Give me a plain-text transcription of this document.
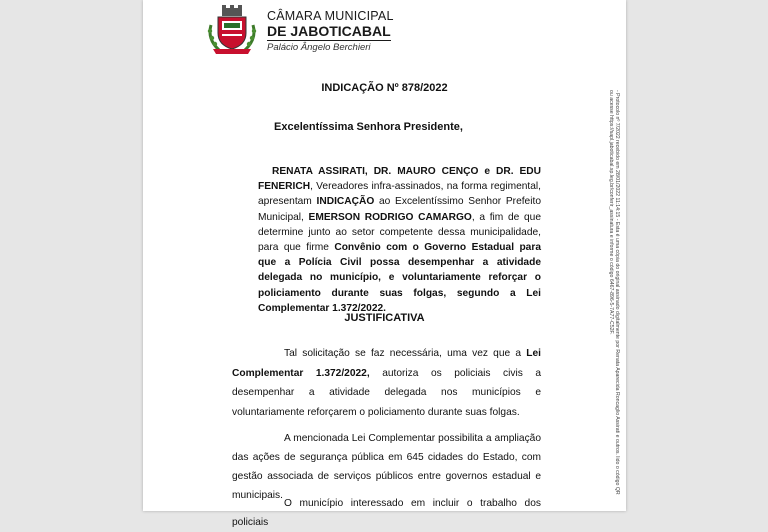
CÂMARA MUNICIPAL
DE JABOTICABAL
Palácio Ângelo Berchieri
INDICAÇÃO Nº 878/2022
Excelentíssima Senhora Presidente,
RENATA ASSIRATI, DR. MAURO CENÇO e DR. EDU FENERICH, Vereadores infra-assinados, na forma regimental, apresentam INDICAÇÃO ao Excelentíssimo Senhor Prefeito Municipal, EMERSON RODRIGO CAMARGO, a fim de que determine junto ao setor competente dessa municipalidade, para que firme Convênio com o Governo Estadual para que a Polícia Civil possa desempenhar a atividade delegada no município, e voluntariamente reforçar o policiamento durante suas folgas, segundo a Lei Complementar 1.372/2022.
JUSTIFICATIVA
Tal solicitação se faz necessária, uma vez que a Lei Complementar 1.372/2022, autoriza os policiais civis a desempenhar a atividade delegada nos municípios e voluntariamente reforçarem o policiamento durante suas folgas.
A mencionada Lei Complementar possibilita a ampliação das ações de segurança pública em 645 cidades do Estado, com gestão associada de serviços públicos entre governos estadual e municipais.
O município interessado em incluir o trabalho dos policiais
- Protocolo nº 7/2022 recebido em 28/01/2022 11:14:15 - Esta é uma cópia do original assinado digitalmente por Renata Aparecida Roncaglio Assirati e outros. lido o código QR ou acesse https://sapl.jaboticabal.sp.leg.br/conferir_assinatura e informe o código 6467-896-5-7A77-C52F.
